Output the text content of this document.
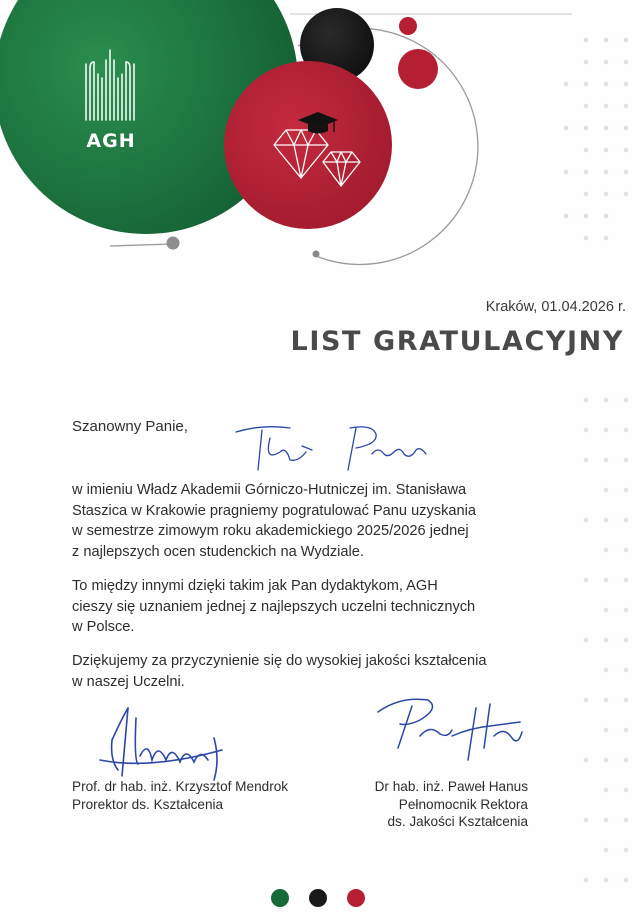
AGH
Kraków, 01.04.2026 r.
LIST GRATULACYJNY
Szanowny Panie,
w imieniu Władz Akademii Górniczo-Hutniczej im. Stanisława
Staszica w Krakowie pragniemy pogratulować Panu uzyskania
w semestrze zimowym roku akademickiego 2025/2026 jednej
z najlepszych ocen studenckich na Wydziale.
To między innymi dzięki takim jak Pan dydaktykom, AGH
cieszy się uznaniem jednej z najlepszych uczelni technicznych
w Polsce.
Dziękujemy za przyczynienie się do wysokiej jakości kształcenia
w naszej Uczelni.
Prof. dr hab. inż. Krzysztof Mendrok
Prorektor ds. Kształcenia
Dr hab. inż. Paweł Hanus
Pełnomocnik Rektora
ds. Jakości Kształcenia
